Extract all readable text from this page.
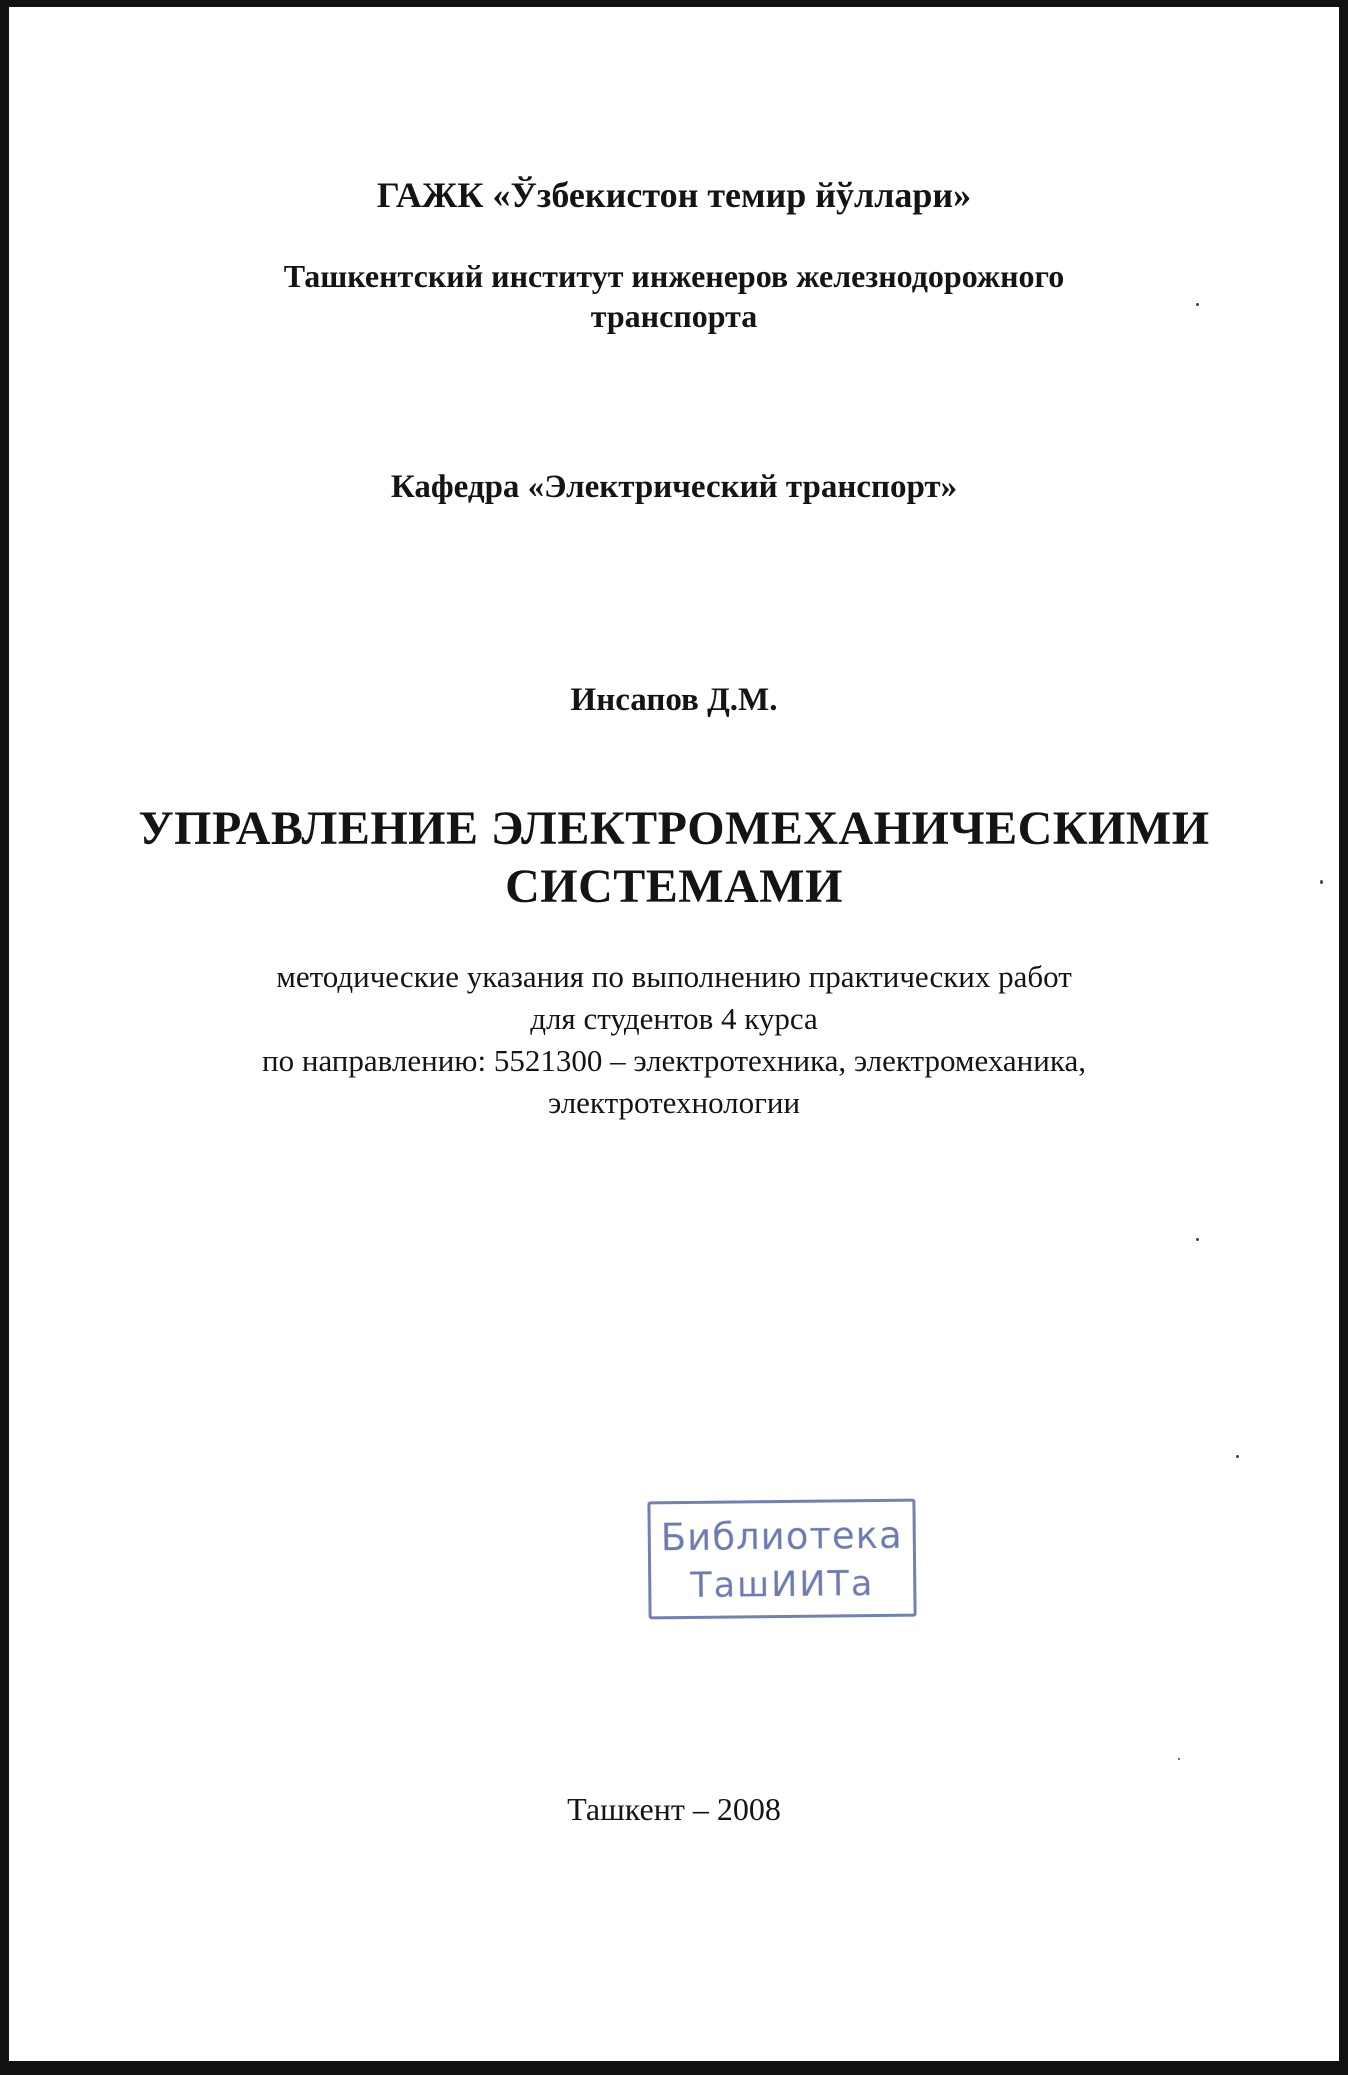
ГАЖК «Ўзбекистон темир йўллари»
Ташкентский институт инженеров железнодорожного
транспорта
Кафедра «Электрический транспорт»
Инсапов Д.М.
УПРАВЛЕНИЕ ЭЛЕКТРОМЕХАНИЧЕСКИМИ
СИСТЕМАМИ
методические указания по выполнению практических работ
для студентов 4 курса
по направлению: 5521300 – электротехника, электромеханика,
электротехнологии
Библиотека
ТашИИТа
Ташкент – 2008
